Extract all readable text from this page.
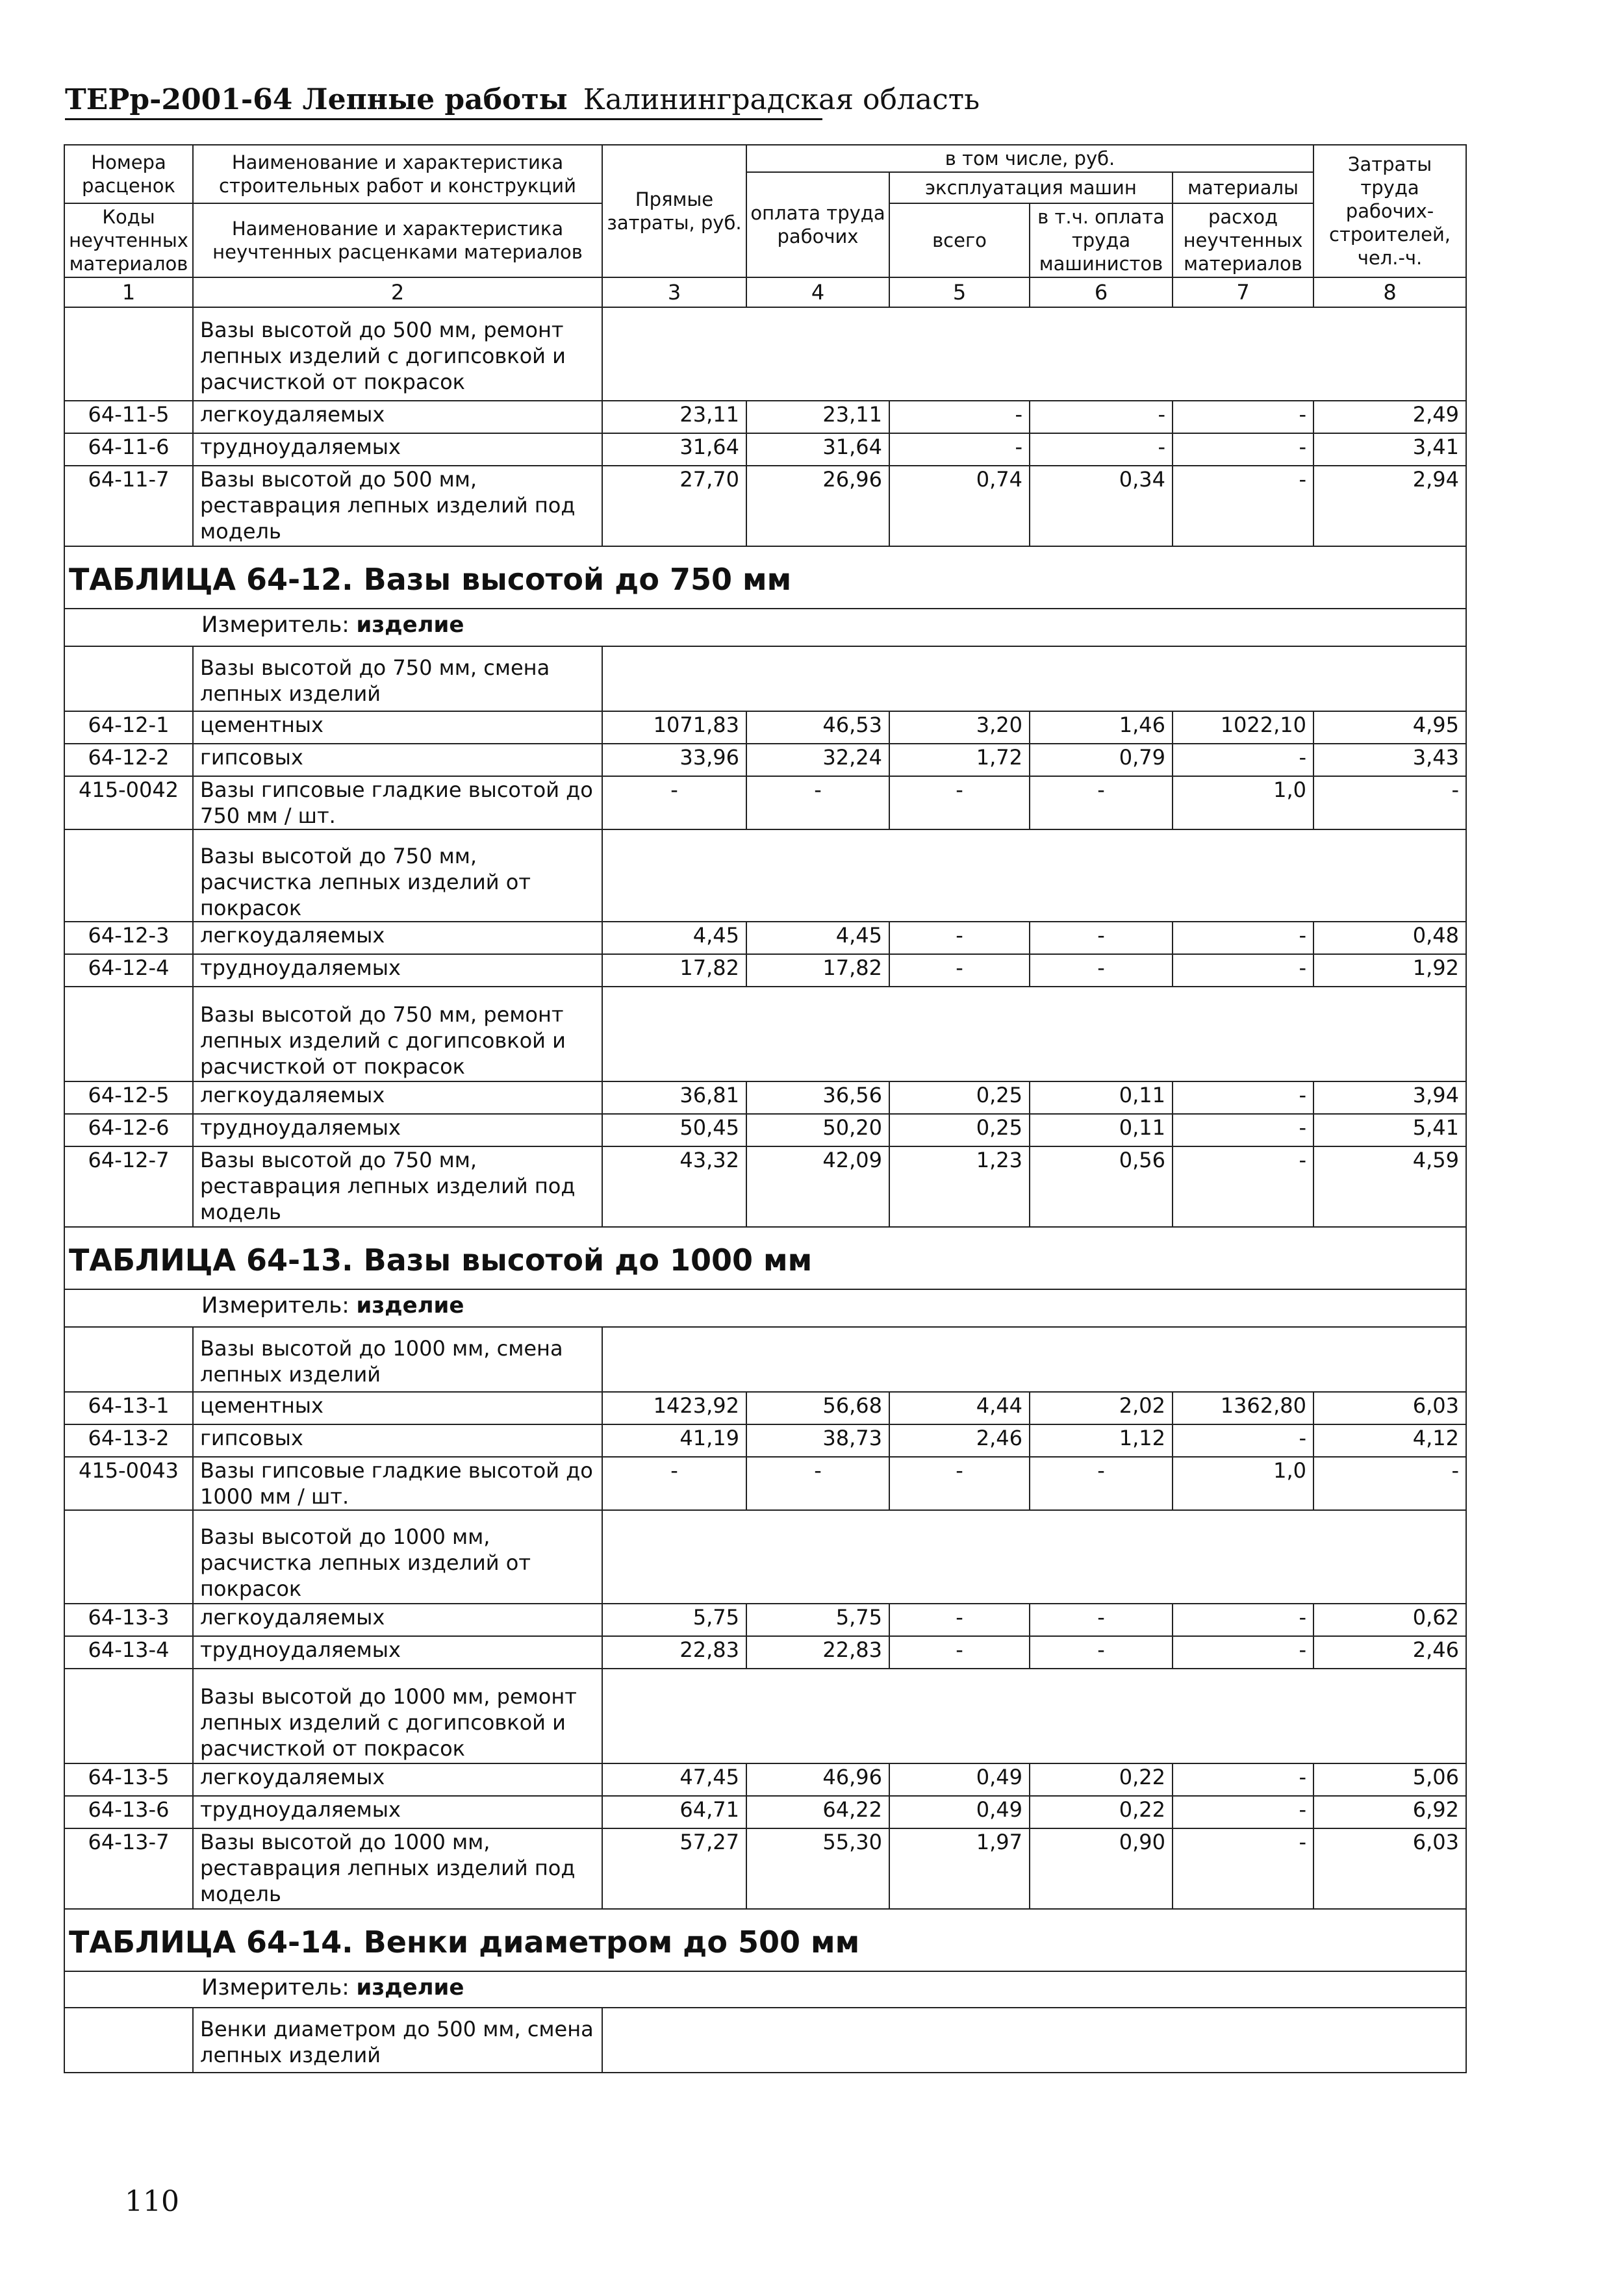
ТЕРр-2001-64 Лепные работы Калининградская область
Номера расценок	Наименование и характеристика строительных работ и конструкций	Прямые затраты, руб.	в том числе, руб.				Затраты труда рабочих-строителей, чел.-ч.
			оплата труда рабочих	эксплуатация машин		материалы	
Коды неучтенных материалов	Наименование и характеристика неучтенных расценками материалов			всего	в т.ч. оплата труда машинистов	расход неучтенных материалов	

1	2	3	4	5	6	7	8
	Вазы высотой до 500 мм, ремонт лепных изделий с догипсовкой и расчисткой от покрасок						
64-11-5	легкоудаляемых	23,11	23,11	-	-	-	2,49
64-11-6	трудноудаляемых	31,64	31,64	-	-	-	3,41
64-11-7	Вазы высотой до 500 мм, реставрация лепных изделий под модель	27,70	26,96	0,74	0,34	-	2,94
ТАБЛИЦА 64-12. Вазы высотой до 750 мм							
Измеритель: изделие							
	Вазы высотой до 750 мм, смена лепных изделий						
64-12-1	цементных	1071,83	46,53	3,20	1,46	1022,10	4,95
64-12-2	гипсовых	33,96	32,24	1,72	0,79	-	3,43
415-0042	Вазы гипсовые гладкие высотой до 750 мм / шт.	-	-	-	-	1,0	-
	Вазы высотой до 750 мм, расчистка лепных изделий от покрасок						
64-12-3	легкоудаляемых	4,45	4,45	-	-	-	0,48
64-12-4	трудноудаляемых	17,82	17,82	-	-	-	1,92
	Вазы высотой до 750 мм, ремонт лепных изделий с догипсовкой и расчисткой от покрасок						
64-12-5	легкоудаляемых	36,81	36,56	0,25	0,11	-	3,94
64-12-6	трудноудаляемых	50,45	50,20	0,25	0,11	-	5,41
64-12-7	Вазы высотой до 750 мм, реставрация лепных изделий под модель	43,32	42,09	1,23	0,56	-	4,59
ТАБЛИЦА 64-13. Вазы высотой до 1000 мм							
Измеритель: изделие							
	Вазы высотой до 1000 мм, смена лепных изделий						
64-13-1	цементных	1423,92	56,68	4,44	2,02	1362,80	6,03
64-13-2	гипсовых	41,19	38,73	2,46	1,12	-	4,12
415-0043	Вазы гипсовые гладкие высотой до 1000 мм / шт.	-	-	-	-	1,0	-
	Вазы высотой до 1000 мм, расчистка лепных изделий от покрасок						
64-13-3	легкоудаляемых	5,75	5,75	-	-	-	0,62
64-13-4	трудноудаляемых	22,83	22,83	-	-	-	2,46
	Вазы высотой до 1000 мм, ремонт лепных изделий с догипсовкой и расчисткой от покрасок						
64-13-5	легкоудаляемых	47,45	46,96	0,49	0,22	-	5,06
64-13-6	трудноудаляемых	64,71	64,22	0,49	0,22	-	6,92
64-13-7	Вазы высотой до 1000 мм, реставрация лепных изделий под модель	57,27	55,30	1,97	0,90	-	6,03
ТАБЛИЦА 64-14. Венки диаметром до 500 мм							
Измеритель: изделие							
	Венки диаметром до 500 мм, смена лепных изделий						
110
